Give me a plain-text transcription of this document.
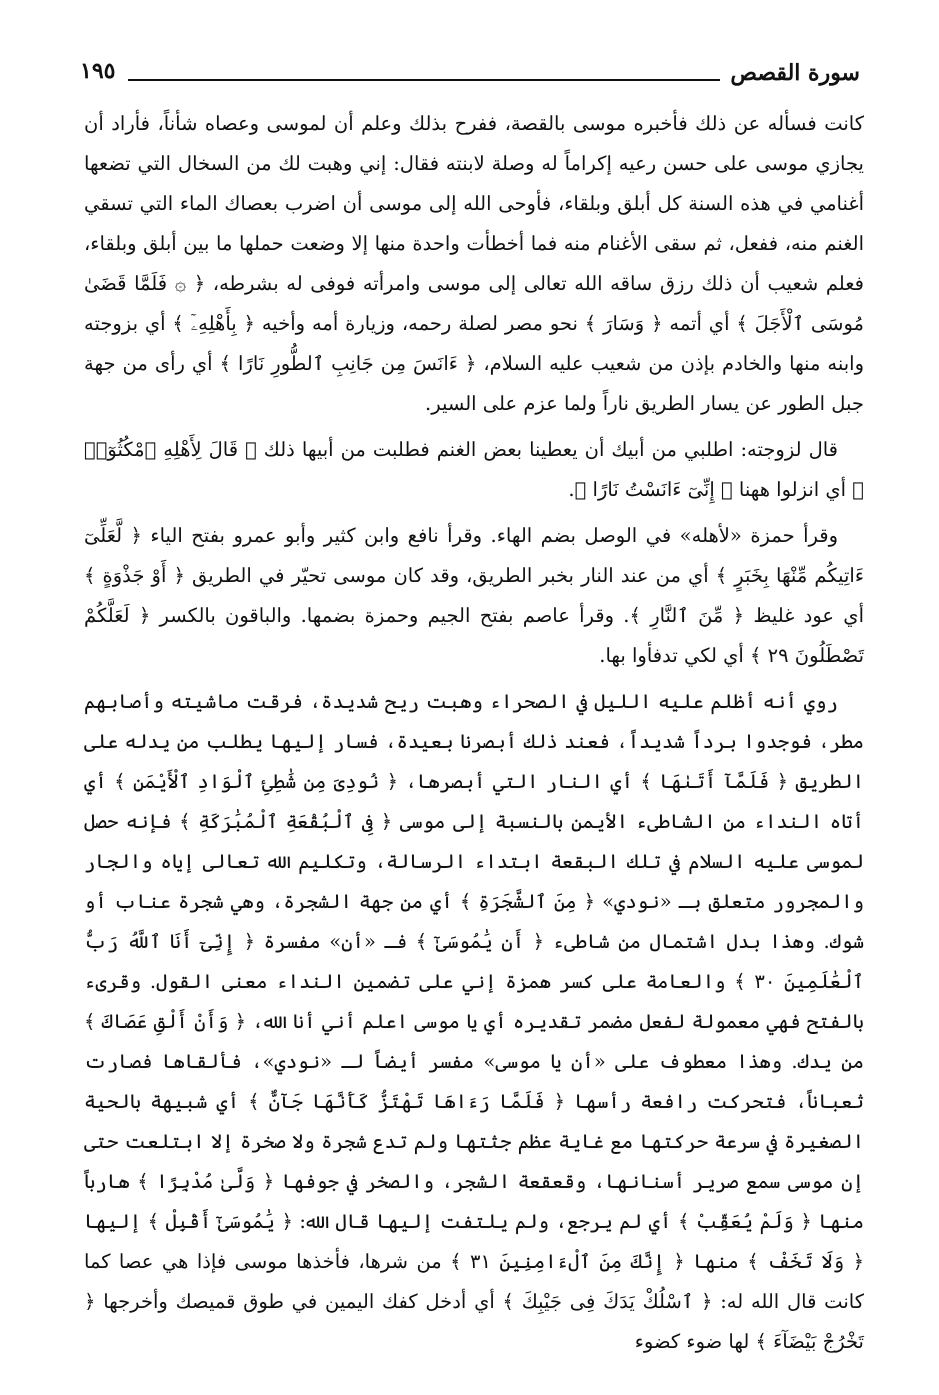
سورة القصص
١٩٥

كانت فسأله عن ذلك فأخبره موسى بالقصة، ففرح بذلك وعلم أن لموسى وعصاه شأناً، فأراد أن يجازي موسى على حسن رعيه إكراماً له وصلة لابنته فقال: إني وهبت لك من السخال التي تضعها أغنامي في هذه السنة كل أبلق وبلقاء، فأوحى الله إلى موسى أن اضرب بعصاك الماء التي تسقي الغنم منه، ففعل، ثم سقى الأغنام منه فما أخطأت واحدة منها إلا وضعت حملها ما بين أبلق وبلقاء، فعلم شعيب أن ذلك رزق ساقه الله تعالى إلى موسى وامرأته فوفى له بشرطه، ﴿ ۞ فَلَمَّا قَضَىٰ مُوسَى ٱلْأَجَلَ ﴾ أي أتمه ﴿ وَسَارَ ﴾ نحو مصر لصلة رحمه، وزيارة أمه وأخيه ﴿ بِأَهْلِهِۦٓ ﴾ أي بزوجته وابنه منها والخادم بإذن من شعيب عليه السلام، ﴿ ءَانَسَ مِن جَانِبِ ٱلطُّورِ نَارًا ﴾ أي رأى من جهة جبل الطور عن يسار الطريق ناراً ولما عزم على السير.

قال لزوجته: اطلبي من أبيك أن يعطينا بعض الغنم فطلبت من أبيها ذلك ﴿ قَالَ لِأَهْلِهِ ٱمْكُثُوٓا۟ ﴾ أي انزلوا ههنا ﴿ إِنِّىٓ ءَانَسْتُ نَارًا ﴾.

وقرأ حمزة «لأهله» في الوصل بضم الهاء. وقرأ نافع وابن كثير وأبو عمرو بفتح الياء ﴿ لَّعَلِّىٓ ءَاتِيكُم مِّنْهَا بِخَبَرٍ ﴾ أي من عند النار بخبر الطريق، وقد كان موسى تحيّر في الطريق ﴿ أَوْ جَذْوَةٍ ﴾ أي عود غليظ ﴿ مِّنَ ٱلنَّارِ ﴾. وقرأ عاصم بفتح الجيم وحمزة بضمها. والباقون بالكسر ﴿ لَعَلَّكُمْ تَصْطَلُونَ ٢٩ ﴾ أي لكي تدفأوا بها.

روي أنه أظلم عليه الليل في الصحراء وهبت ريح شديدة، فرقت ماشيته وأصابهم مطر، فوجدوا برداً شديداً، فعند ذلك أبصرنا بعيدة، فسار إليها يطلب من يدله على الطريق ﴿ فَلَمَّآ أَتَىٰهَا ﴾ أي النار التي أبصرها، ﴿ نُودِىَ مِن شَٰطِئِ ٱلْوَادِ ٱلْأَيْمَنِ ﴾ أي أتاه النداء من الشاطىء الأيمن بالنسبة إلى موسى ﴿ فِى ٱلْبُقْعَةِ ٱلْمُبَٰرَكَةِ ﴾ فإنه حصل لموسى عليه السلام في تلك البقعة ابتداء الرسالة، وتكليم الله تعالى إياه والجار والمجرور متعلق بـ «نودي» ﴿ مِنَ ٱلشَّجَرَةِ ﴾ أي من جهة الشجرة، وهي شجرة عناب أو شوك. وهذا بدل اشتمال من شاطىء ﴿ أَن يَٰمُوسَىٰٓ ﴾ فـ «أن» مفسرة ﴿ إِنِّىٓ أَنَا ٱللَّهُ رَبُّ ٱلْعَٰلَمِينَ ٣٠ ﴾ والعامة على كسر همزة إني على تضمين النداء معنى القول. وقرىء بالفتح فهي معمولة لفعل مضمر تقديره أي يا موسى اعلم أني أنا الله، ﴿ وَأَنْ أَلْقِ عَصَاكَ ﴾ من يدك. وهذا معطوف على «أن يا موسى» مفسر أيضاً لـ «نودي»، فألقاها فصارت ثعباناً، فتحركت رافعة رأسها ﴿ فَلَمَّا رَءَاهَا تَهْتَزُّ كَأَنَّهَا جَآنٌّ ﴾ أي شبيهة بالحية الصغيرة في سرعة حركتها مع غاية عظم جثتها ولم تدع شجرة ولا صخرة إلا ابتلعت حتى إن موسى سمع صرير أسنانها، وقعقعة الشجر، والصخر في جوفها ﴿ وَلَّىٰ مُدْبِرًا ﴾ هارباً منها ﴿ وَلَمْ يُعَقِّبْ ﴾ أي لم يرجع، ولم يلتفت إليها قال الله: ﴿ يَٰمُوسَىٰٓ أَقْبِلْ ﴾ إليها ﴿ وَلَا تَخَفْ ﴾ منها ﴿ إِنَّكَ مِنَ ٱلْءَامِنِينَ ٣١ ﴾ من شرها، فأخذها موسى فإذا هي عصا كما كانت قال الله له: ﴿ ٱسْلُكْ يَدَكَ فِى جَيْبِكَ ﴾ أي أدخل كفك اليمين في طوق قميصك وأخرجها ﴿ تَخْرُجْ بَيْضَآءَ ﴾ لها ضوء كضوء
